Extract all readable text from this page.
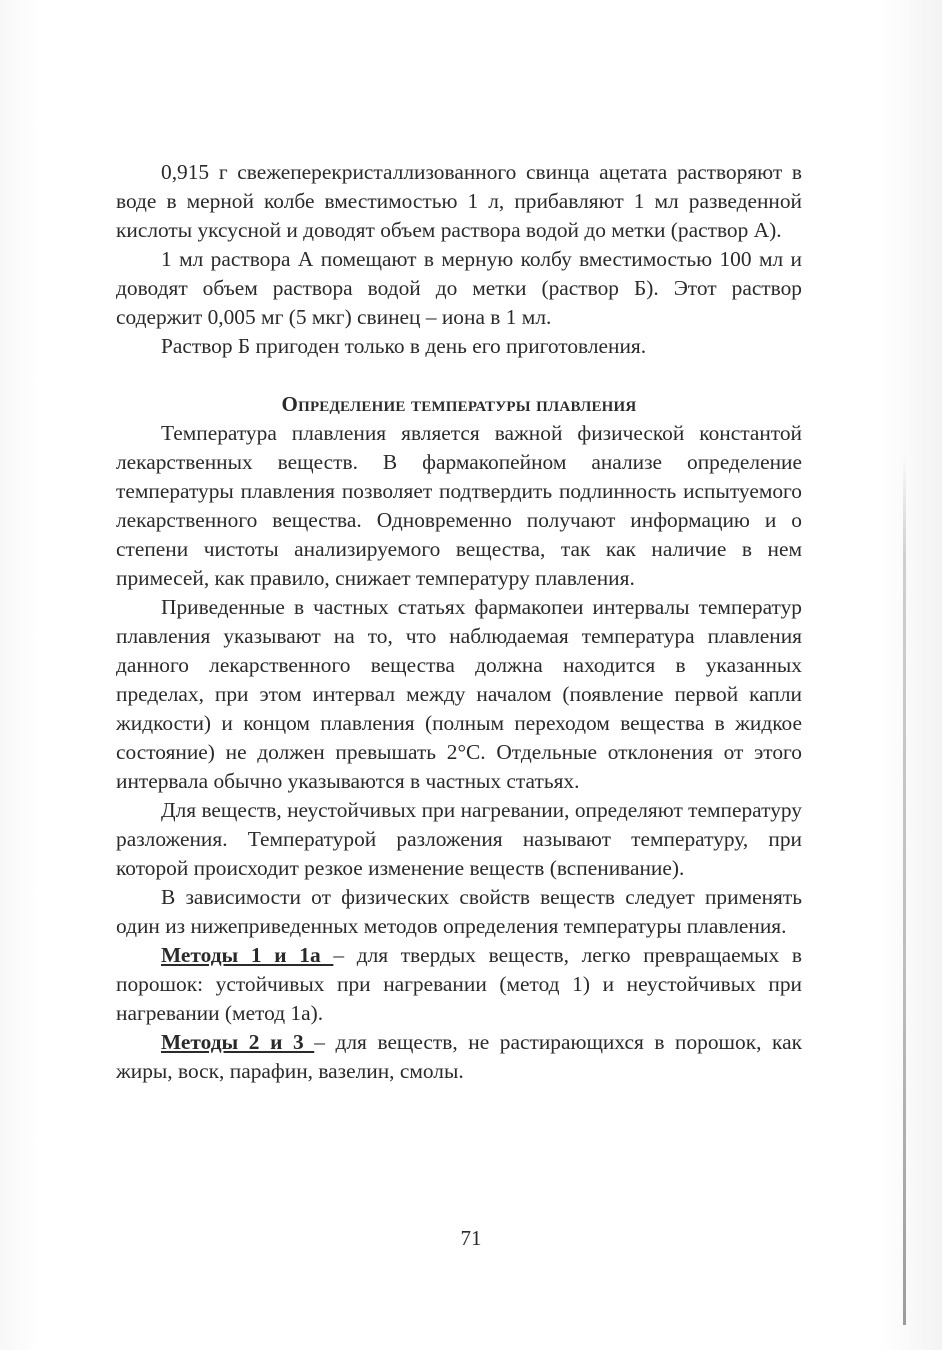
0,915 г свежеперекристаллизованного свинца ацетата растворяют в воде в мерной колбе вместимостью 1 л, прибавляют 1 мл разведенной кислоты уксусной и доводят объем раствора водой до метки (раствор А).

1 мл раствора А помещают в мерную колбу вместимостью 100 мл и доводят объем раствора водой до метки (раствор Б). Этот раствор содержит 0,005 мг (5 мкг) свинец – иона в 1 мл.

Раствор Б пригоден только в день его приготовления.

Определение температуры плавления

Температура плавления является важной физической константой лекарственных веществ. В фармакопейном анализе определение температуры плавления позволяет подтвердить подлинность испытуемого лекарственного вещества. Одновременно получают информацию и о степени чистоты анализируемого вещества, так как наличие в нем примесей, как правило, снижает температуру плавления.

Приведенные в частных статьях фармакопеи интервалы температур плавления указывают на то, что наблюдаемая температура плавления данного лекарственного вещества должна находится в указанных пределах, при этом интервал между началом (появление первой капли жидкости) и концом плавления (полным переходом вещества в жидкое состояние) не должен превышать 2°С. Отдельные отклонения от этого интервала обычно указываются в частных статьях.

Для веществ, неустойчивых при нагревании, определяют температуру разложения. Температурой разложения называют температуру, при которой происходит резкое изменение веществ (вспенивание).

В зависимости от физических свойств веществ следует применять один из нижеприведенных методов определения температуры плавления.

Методы 1 и 1а – для твердых веществ, легко превращаемых в порошок: устойчивых при нагревании (метод 1) и неустойчивых при нагревании (метод 1а).

Методы 2 и 3 – для веществ, не растирающихся в порошок, как жиры, воск, парафин, вазелин, смолы.

71
